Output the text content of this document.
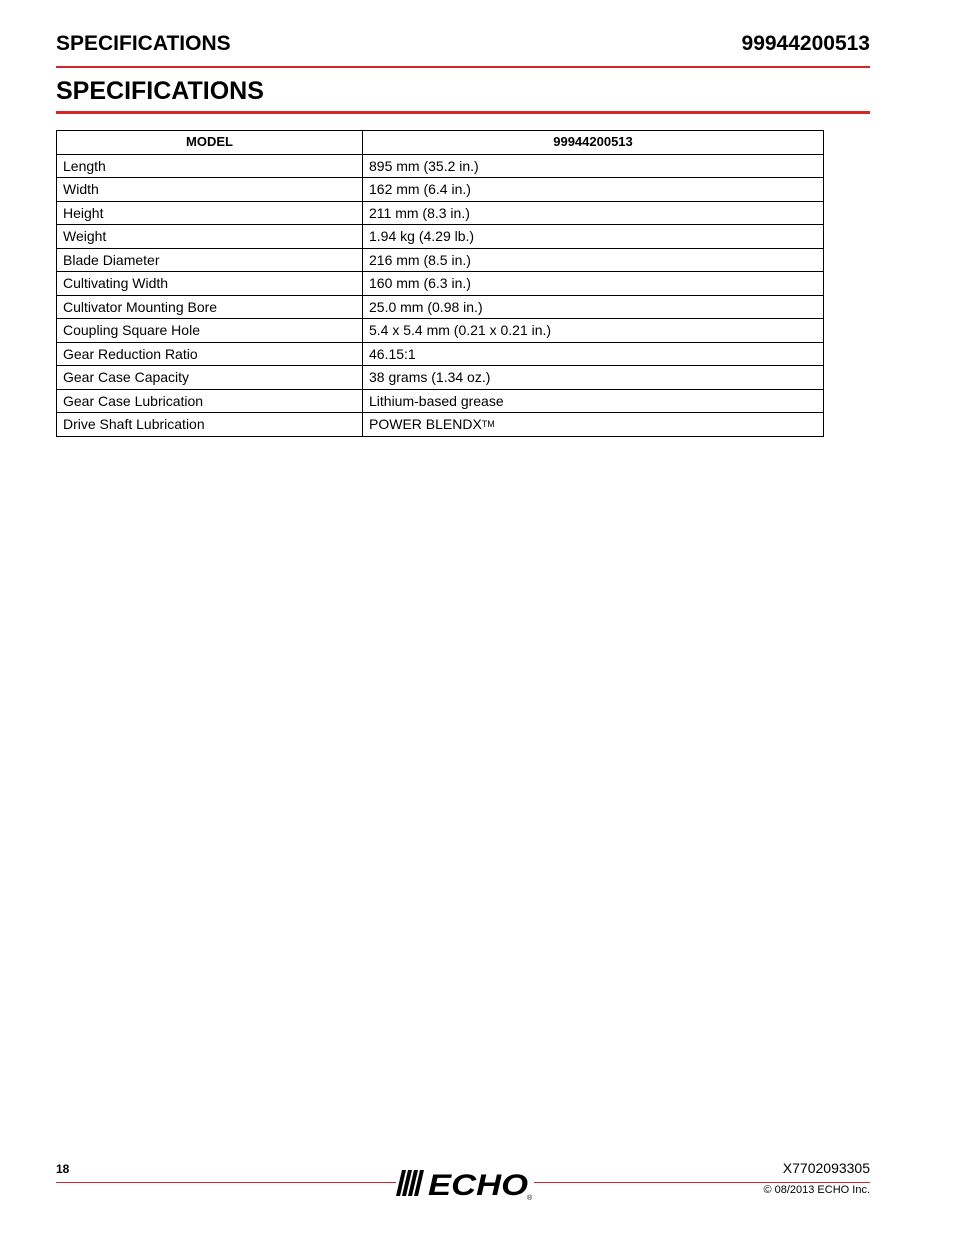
SPECIFICATIONS	99944200513
SPECIFICATIONS
MODEL	99944200513
Length	895 mm (35.2 in.)
Width	162 mm (6.4 in.)
Height	211 mm (8.3 in.)
Weight	1.94 kg (4.29 lb.)
Blade Diameter	216 mm (8.5 in.)
Cultivating Width	160 mm (6.3 in.)
Cultivator Mounting Bore	25.0 mm (0.98 in.)
Coupling Square Hole	5.4 x 5.4 mm (0.21 x 0.21 in.)
Gear Reduction Ratio	46.15:1
Gear Case Capacity	38 grams (1.34 oz.)
Gear Case Lubrication	Lithium-based grease
Drive Shaft Lubrication	POWER BLENDX™
18	ECHO ®
X7702093305
© 08/2013 ECHO Inc.
